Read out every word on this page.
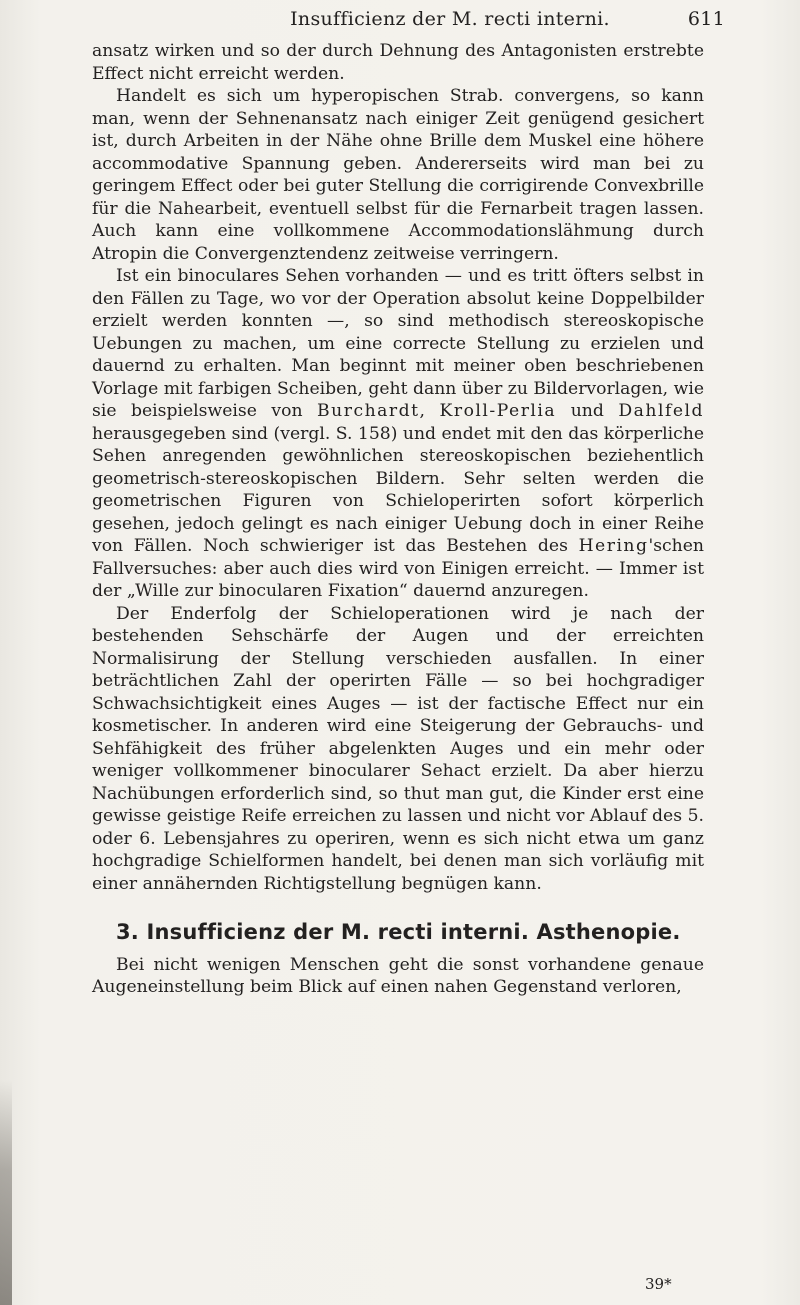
Insufficienz der M. recti interni.	611

ansatz wirken und so der durch Dehnung des Antagonisten erstrebte Effect nicht erreicht werden.

Handelt es sich um hyperopischen Strab. convergens, so kann man, wenn der Sehnenansatz nach einiger Zeit genügend gesichert ist, durch Arbeiten in der Nähe ohne Brille dem Muskel eine höhere accommodative Spannung geben. Andererseits wird man bei zu geringem Effect oder bei guter Stellung die corrigirende Convexbrille für die Nahearbeit, eventuell selbst für die Fernarbeit tragen lassen. Auch kann eine vollkommene Accommodationslähmung durch Atropin die Convergenztendenz zeitweise verringern.

Ist ein binoculares Sehen vorhanden — und es tritt öfters selbst in den Fällen zu Tage, wo vor der Operation absolut keine Doppelbilder erzielt werden konnten —, so sind methodisch stereoskopische Uebungen zu machen, um eine correcte Stellung zu erzielen und dauernd zu erhalten. Man beginnt mit meiner oben beschriebenen Vorlage mit farbigen Scheiben, geht dann über zu Bildervorlagen, wie sie beispielsweise von Burchardt, Kroll-Perlia und Dahlfeld herausgegeben sind (vergl. S. 158) und endet mit den das körperliche Sehen anregenden gewöhnlichen stereoskopischen beziehentlich geometrisch-stereoskopischen Bildern. Sehr selten werden die geometrischen Figuren von Schieloperirten sofort körperlich gesehen, jedoch gelingt es nach einiger Uebung doch in einer Reihe von Fällen. Noch schwieriger ist das Bestehen des Hering'schen Fallversuches: aber auch dies wird von Einigen erreicht. — Immer ist der „Wille zur binocularen Fixation“ dauernd anzuregen.

Der Enderfolg der Schieloperationen wird je nach der bestehenden Sehschärfe der Augen und der erreichten Normalisirung der Stellung verschieden ausfallen. In einer beträchtlichen Zahl der operirten Fälle — so bei hochgradiger Schwachsichtigkeit eines Auges — ist der factische Effect nur ein kosmetischer. In anderen wird eine Steigerung der Gebrauchs- und Sehfähigkeit des früher abgelenkten Auges und ein mehr oder weniger vollkommener binocularer Sehact erzielt. Da aber hierzu Nachübungen erforderlich sind, so thut man gut, die Kinder erst eine gewisse geistige Reife erreichen zu lassen und nicht vor Ablauf des 5. oder 6. Lebensjahres zu operiren, wenn es sich nicht etwa um ganz hochgradige Schielformen handelt, bei denen man sich vorläufig mit einer annähernden Richtigstellung begnügen kann.

3. Insufficienz der M. recti interni. Asthenopie.

Bei nicht wenigen Menschen geht die sonst vorhandene genaue Augeneinstellung beim Blick auf einen nahen Gegenstand verloren,

39*
